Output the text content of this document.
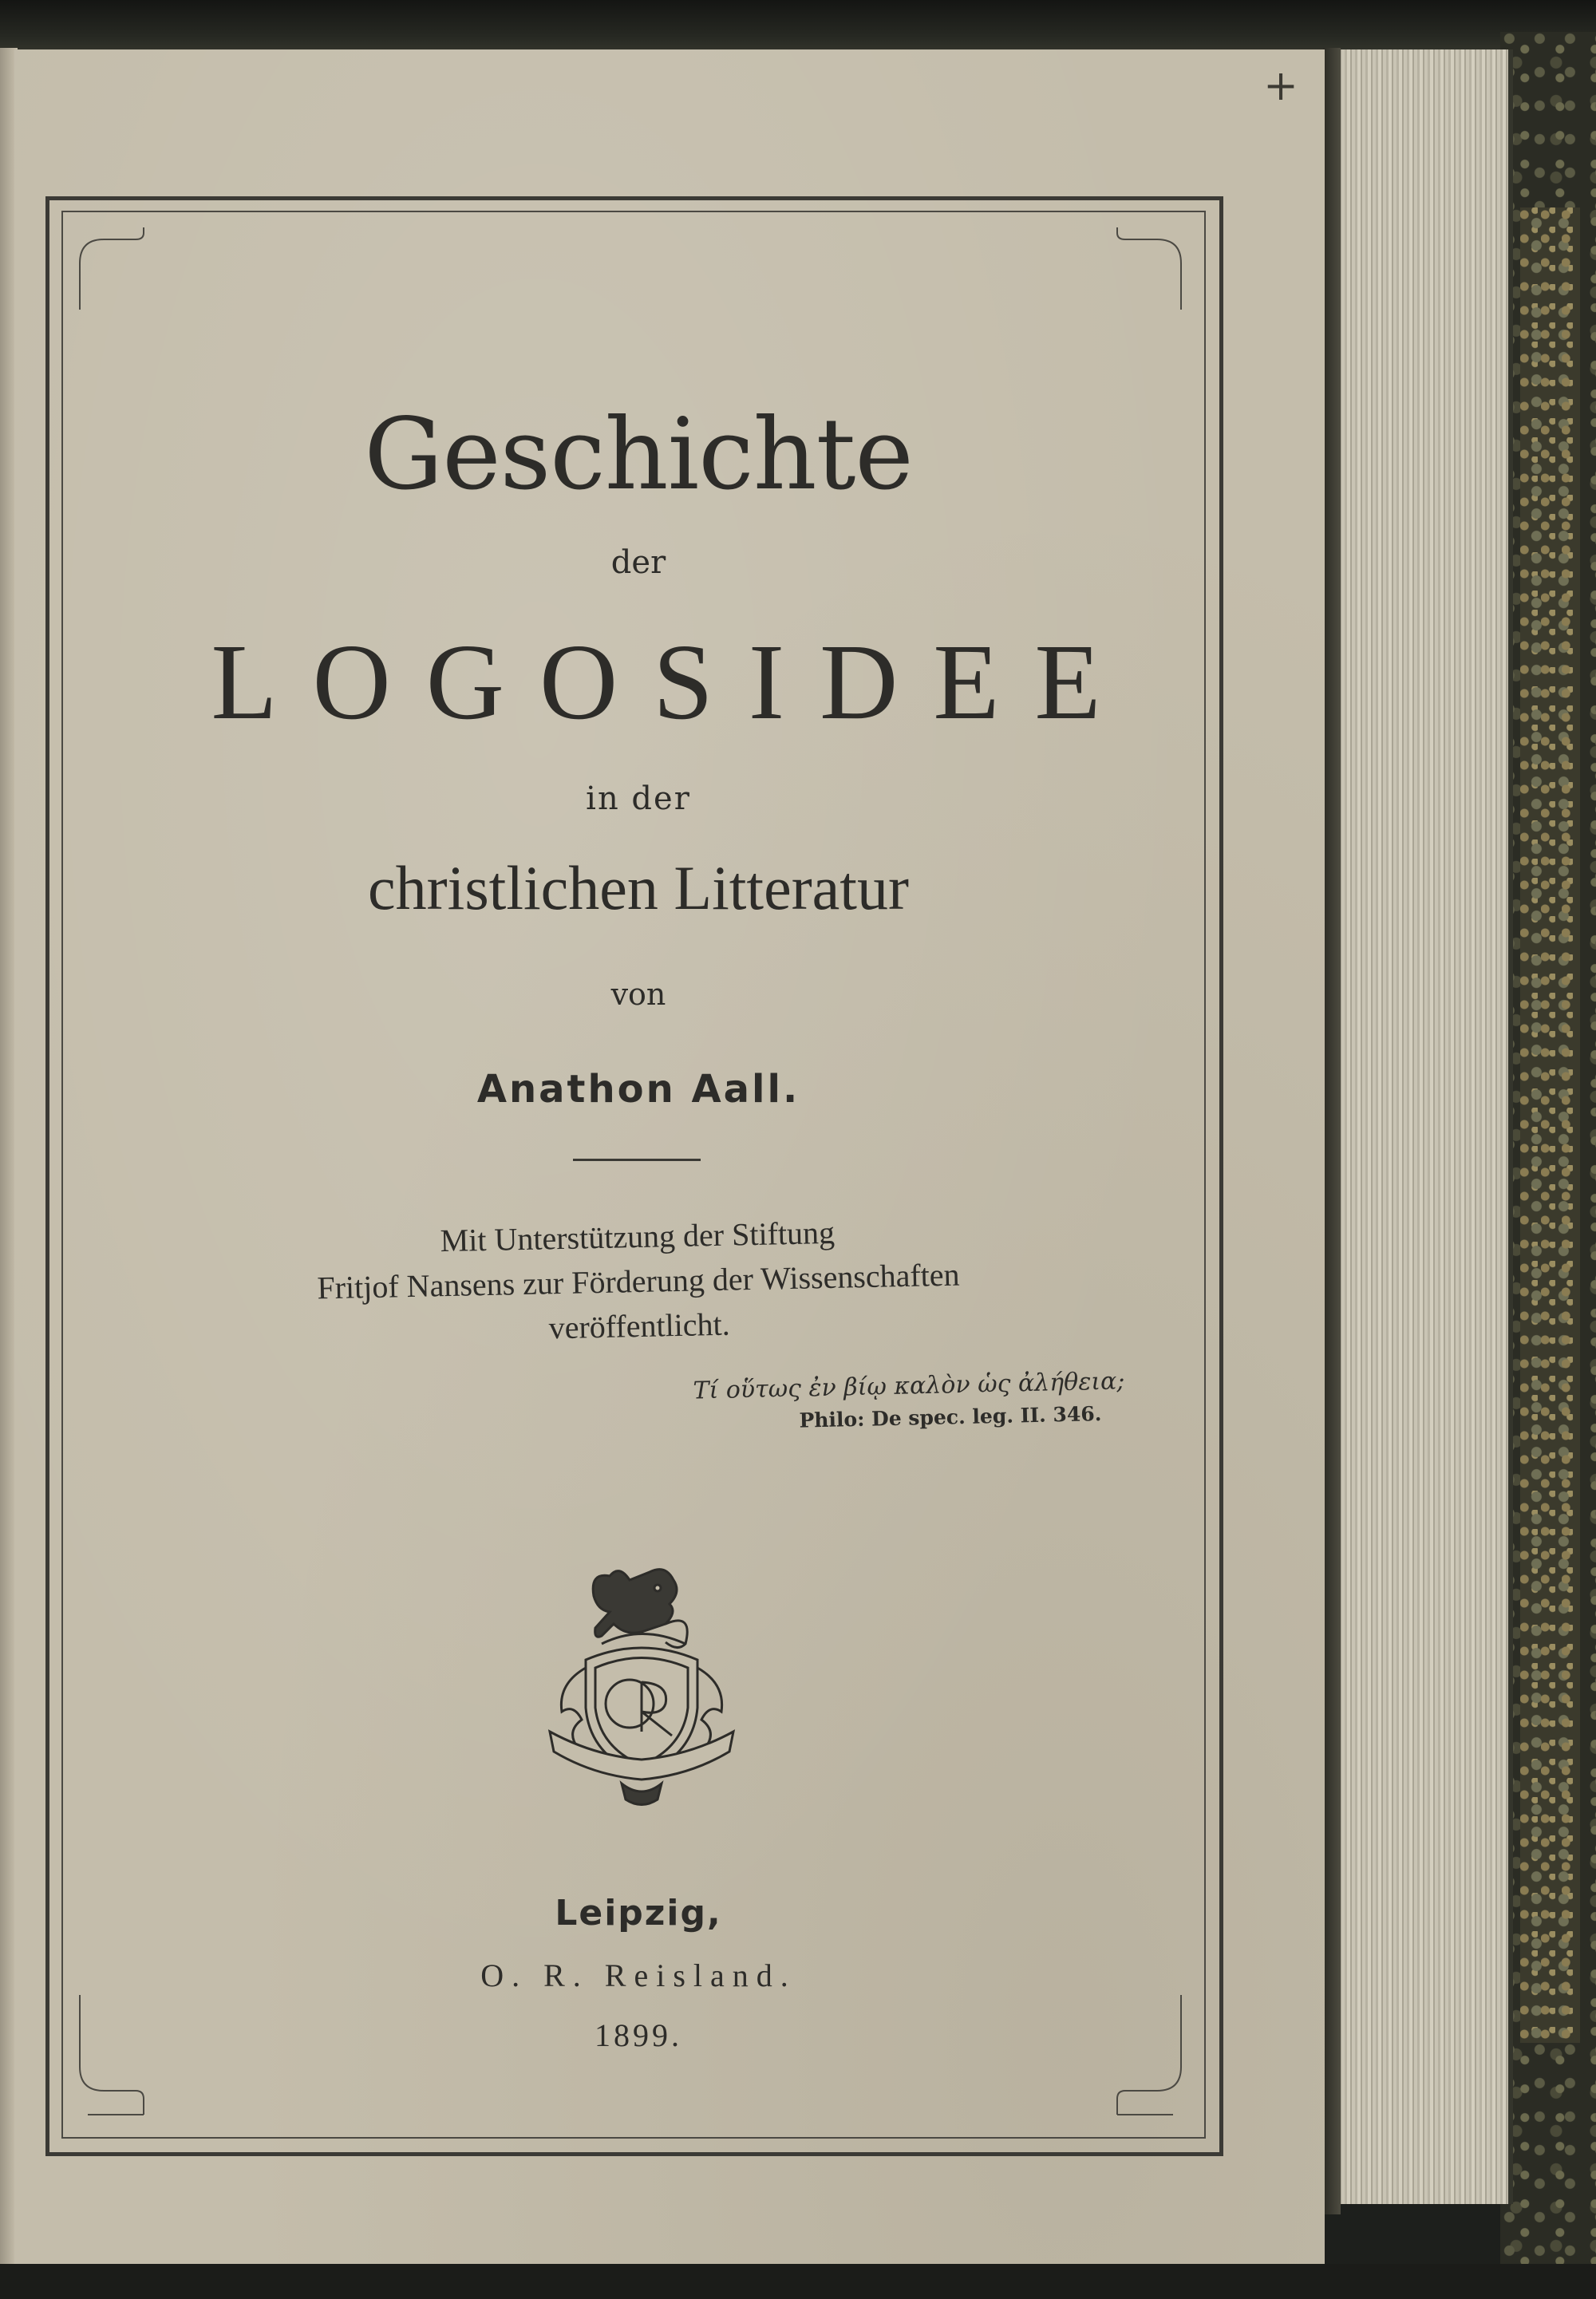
+
Geschichte
der
LOGOSIDEE
in der
christlichen Litteratur
von
Anathon Aall.
Mit Unterstützung der Stiftung
Fritjof Nansens zur Förderung der Wissenschaften
veröffentlicht.
Τί οὕτως ἐν βίῳ καλὸν ὡς ἀλήθεια;
Philo: De spec. leg. II. 346.
Leipzig,
O. R. Reisland.
1899.
